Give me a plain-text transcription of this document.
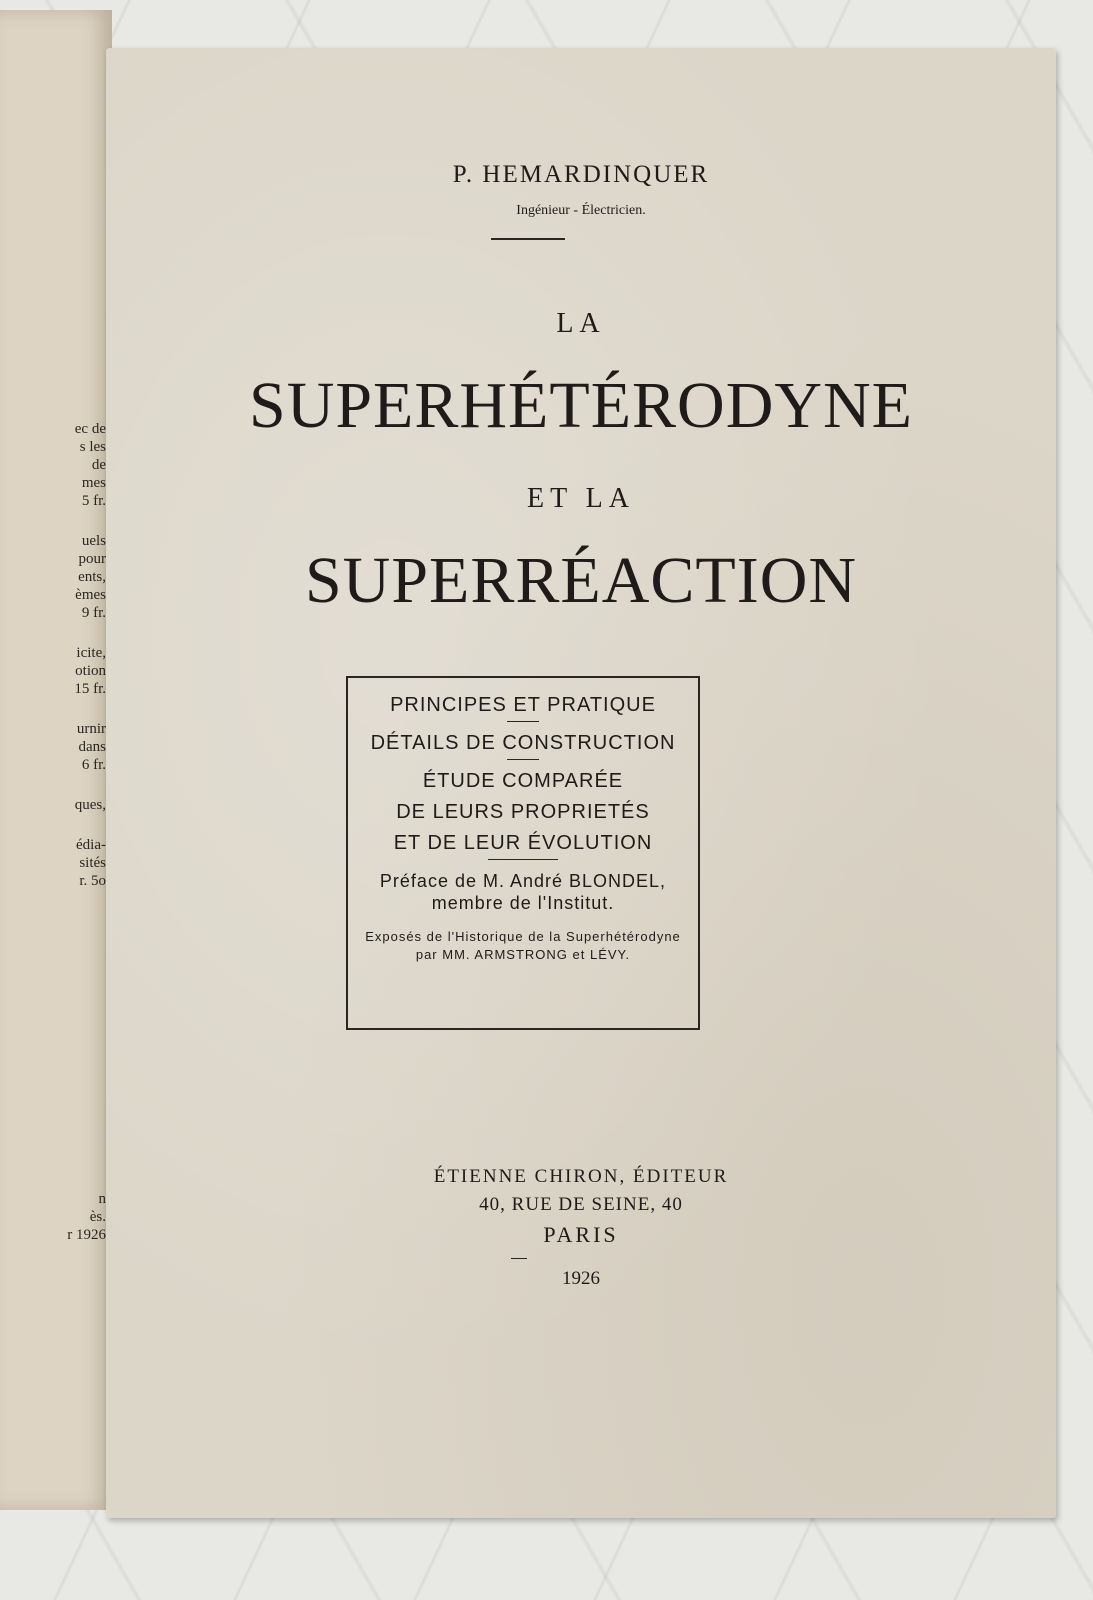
ec de
s les
de
mes
5 fr.
uels
pour
ents,
èmes
9 fr.
icite,
otion
15 fr.
urnir
dans
6 fr.
ques,
édia-
sités
r. 5o
n
ès.
r 1926
P. HEMARDINQUER
Ingénieur - Électricien.
LA
SUPERHÉTÉRODYNE
ET LA
SUPERRÉACTION
PRINCIPES ET PRATIQUE
DÉTAILS DE CONSTRUCTION
ÉTUDE COMPARÉE
DE LEURS PROPRIETÉS
ET DE LEUR ÉVOLUTION
Préface de M. André BLONDEL,
membre de l'Institut.
Exposés de l'Historique de la Superhétérodyne
par MM. ARMSTRONG et LÉVY.
ÉTIENNE CHIRON, ÉDITEUR
40, RUE DE SEINE, 40
PARIS
1926
